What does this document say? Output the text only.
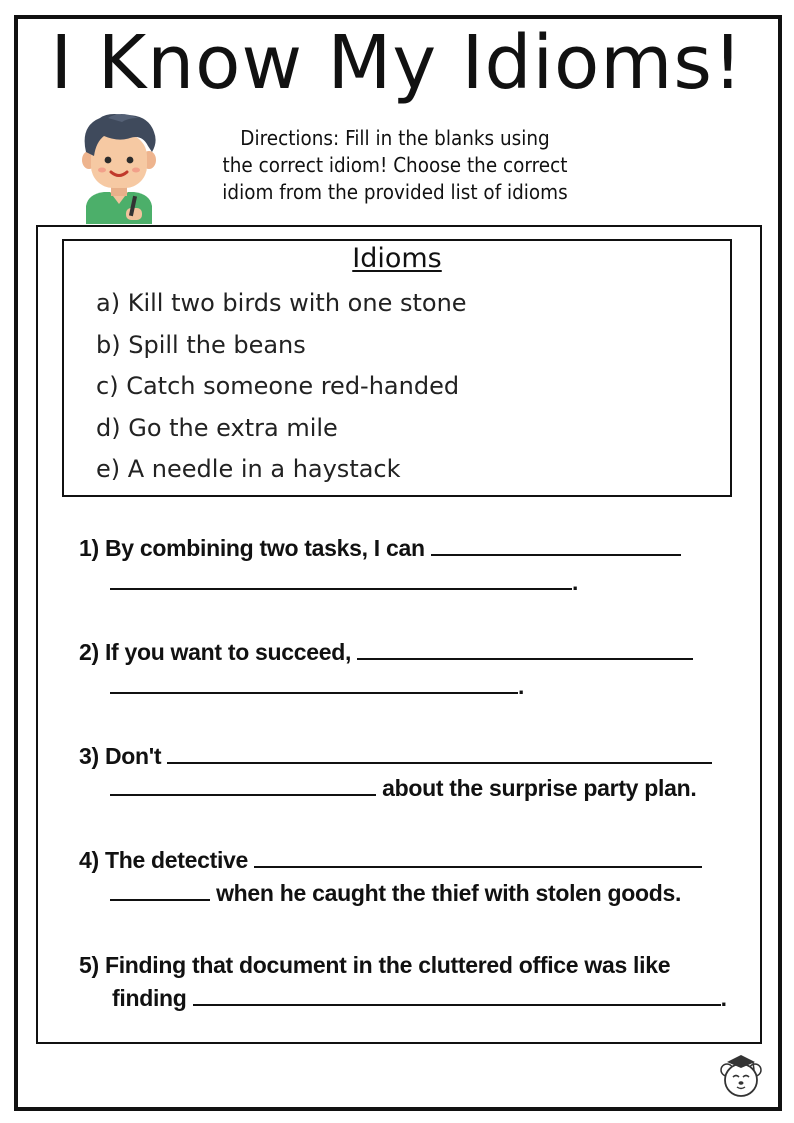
I Know My Idioms!
Directions: Fill in the blanks using
the correct idiom! Choose the correct
idiom from the provided list of idioms
Idioms
a) Kill two birds with one stone
b) Spill the beans
c) Catch someone red-handed
d) Go the extra mile
e) A needle in a haystack
1) By combining two tasks, I can
.
2) If you want to succeed,
.
3) Don't
about the surprise party plan.
4) The detective
when he caught the thief with stolen goods.
5) Finding that document in the cluttered office was like
finding	.
